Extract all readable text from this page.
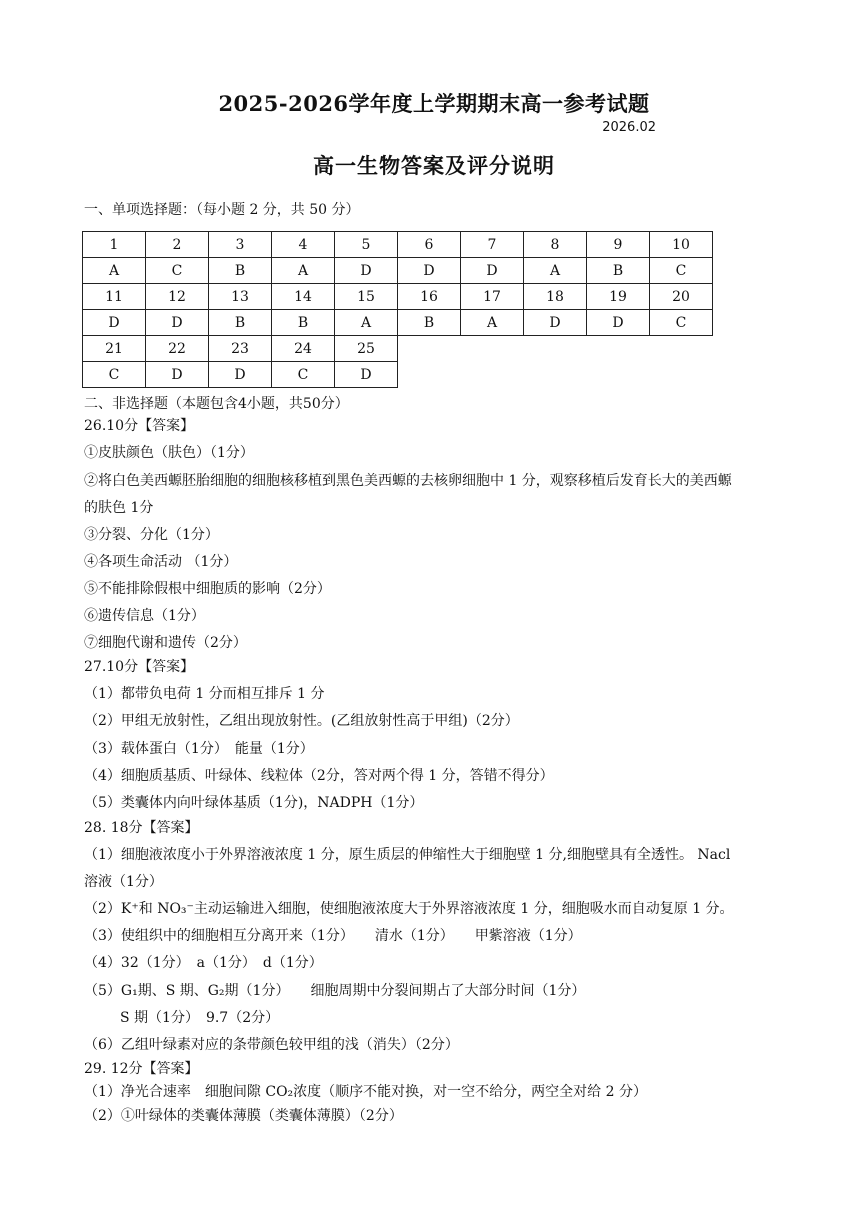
2025-2026学年度上学期期末高一参考试题
2026.02
高一生物答案及评分说明
一、单项选择题：（每小题 2 分，共 50 分）
1	2	3	4	5	6	7	8	9	10
A	C	B	A	D	D	D	A	B	C
11	12	13	14	15	16	17	18	19	20
D	D	B	B	A	B	A	D	D	C
21	22	23	24	25					
C	D	D	C	D					
二、非选择题（本题包含4小题，共50分）
26.10分【答案】
①皮肤颜色（肤色）（1分）
②将白色美西螈胚胎细胞的细胞核移植到黑色美西螈的去核卵细胞中 1 分，观察移植后发育长大的美西螈
的肤色 1分
③分裂、分化（1分）
④各项生命活动 （1分）
⑤不能排除假根中细胞质的影响（2分）
⑥遗传信息（1分）
⑦细胞代谢和遗传（2分）
27.10分【答案】
（1）都带负电荷 1 分而相互排斥 1 分
（2）甲组无放射性，乙组出现放射性。(乙组放射性高于甲组)（2分）
（3）载体蛋白（1分）　能量（1分）
（4）细胞质基质、叶绿体、线粒体（2分，答对两个得 1 分，答错不得分）
（5）类囊体内向叶绿体基质（1分)，NADPH（1分）
28. 18分【答案】
（1）细胞液浓度小于外界溶液浓度 1 分，原生质层的伸缩性大于细胞壁 1 分,细胞壁具有全透性。 Nacl
溶液（1分）
（2）K⁺和 NO₃⁻主动运输进入细胞，使细胞液浓度大于外界溶液浓度 1 分，细胞吸水而自动复原 1 分。
（3）使组织中的细胞相互分离开来（1分）　　清水（1分）　　甲紫溶液（1分）
（4）32（1分）　a（1分）　d（1分）
（5）G₁期、S 期、G₂期（1分）　　细胞周期中分裂间期占了大部分时间（1分）
S 期（1分）　9.7（2分）
（6）乙组叶绿素对应的条带颜色较甲组的浅（消失）（2分）
29. 12分【答案】
（1）净光合速率　细胞间隙 CO₂浓度（顺序不能对换，对一空不给分，两空全对给 2 分）
（2）①叶绿体的类囊体薄膜（类囊体薄膜）（2分）
